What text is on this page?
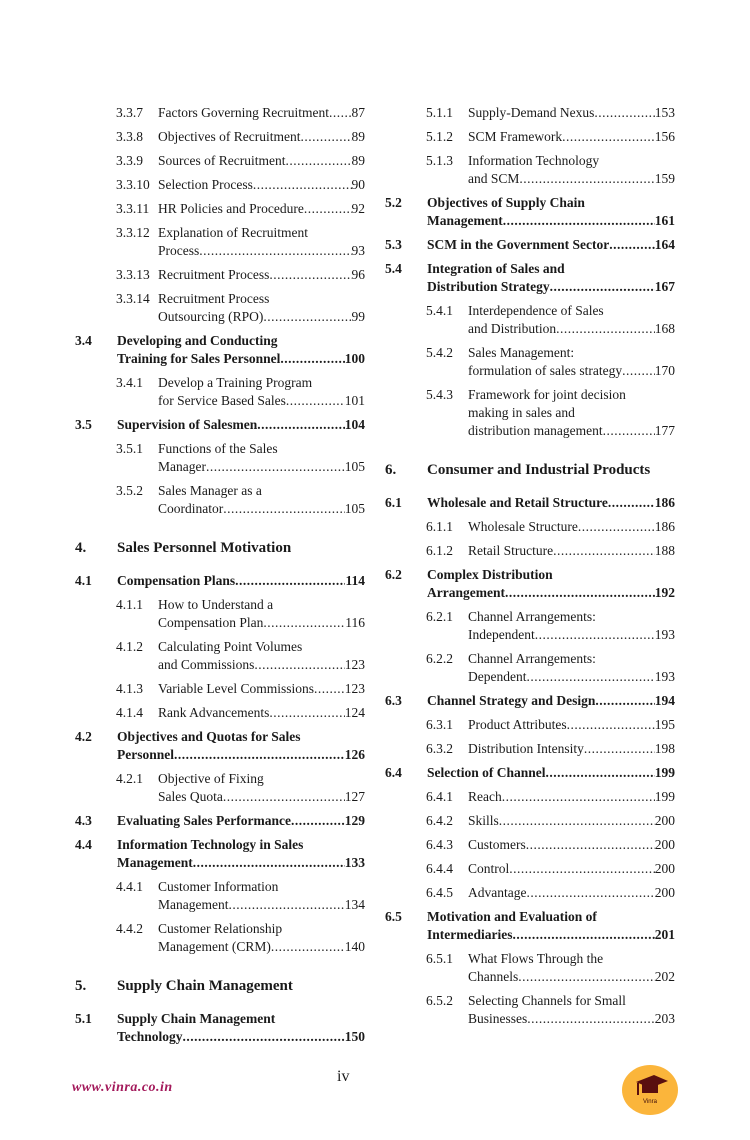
3.3.7 Factors Governing Recruitment ..... 87
3.3.8 Objectives of Recruitment .....	89
3.3.9 Sources of Recruitment .....	89
3.3.10 Selection Process .....	90
3.3.11 HR Policies and Procedure .....	92
3.3.12 Explanation of Recruitment
Process .....	93
3.3.13 Recruitment Process .....	96
3.3.14 Recruitment Process
Outsourcing (RPO) .....	99
3.4 Developing and Conducting
Training for Sales Personnel .....	100
3.4.1 Develop a Training Program
for Service Based Sales .....	101
3.5 Supervision of Salesmen .....	104
3.5.1 Functions of the Sales
Manager .....	105
3.5.2 Sales Manager as a
Coordinator .....	105
4. Sales Personnel Motivation
4.1 Compensation Plans .....	114
4.1.1 How to Understand a
Compensation Plan .....	116
4.1.2 Calculating Point Volumes
and Commissions .....	123
4.1.3 Variable Level Commissions ..... 123
4.1.4 Rank Advancements .....	124
4.2 Objectives and Quotas for Sales
Personnel .....	126
4.2.1 Objective of Fixing
Sales Quota .....	127
4.3 Evaluating Sales Performance .....	129
4.4 Information Technology in Sales
Management .....	133
4.4.1 Customer Information
Management .....	134
4.4.2 Customer Relationship
Management (CRM) .....	140
5. Supply Chain Management
5.1 Supply Chain Management
Technology .....	150
5.1.1 Supply-Demand Nexus .....	153
5.1.2 SCM Framework .....	156
5.1.3 Information Technology
and SCM .....	159
5.2 Objectives of Supply Chain
Management .....	161
5.3 SCM in the Government Sector .....	164
5.4 Integration of Sales and
Distribution Strategy .....	167
5.4.1 Interdependence of Sales
and Distribution .....	168
5.4.2 Sales Management:
formulation of sales strategy ..... 170
5.4.3 Framework for joint decision
making in sales and
distribution management .....	177
6. Consumer and Industrial Products
6.1 Wholesale and Retail Structure .....	186
6.1.1 Wholesale Structure .....	186
6.1.2 Retail Structure .....	188
6.2 Complex Distribution
Arrangement .....	192
6.2.1 Channel Arrangements:
Independent .....	193
6.2.2 Channel Arrangements:
Dependent .....	193
6.3 Channel Strategy and Design .....	194
6.3.1 Product Attributes .....	195
6.3.2 Distribution Intensity .....	198
6.4 Selection of Channel .....	199
6.4.1 Reach .....	199
6.4.2 Skills .....	200
6.4.3 Customers .....	200
6.4.4 Control .....	200
6.4.5 Advantage .....	200
6.5 Motivation and Evaluation of
Intermediaries .....	201
6.5.1 What Flows Through the
Channels .....	202
6.5.2 Selecting Channels for Small
Businesses .....	203
iv
www.vinra.co.in
Vinra
